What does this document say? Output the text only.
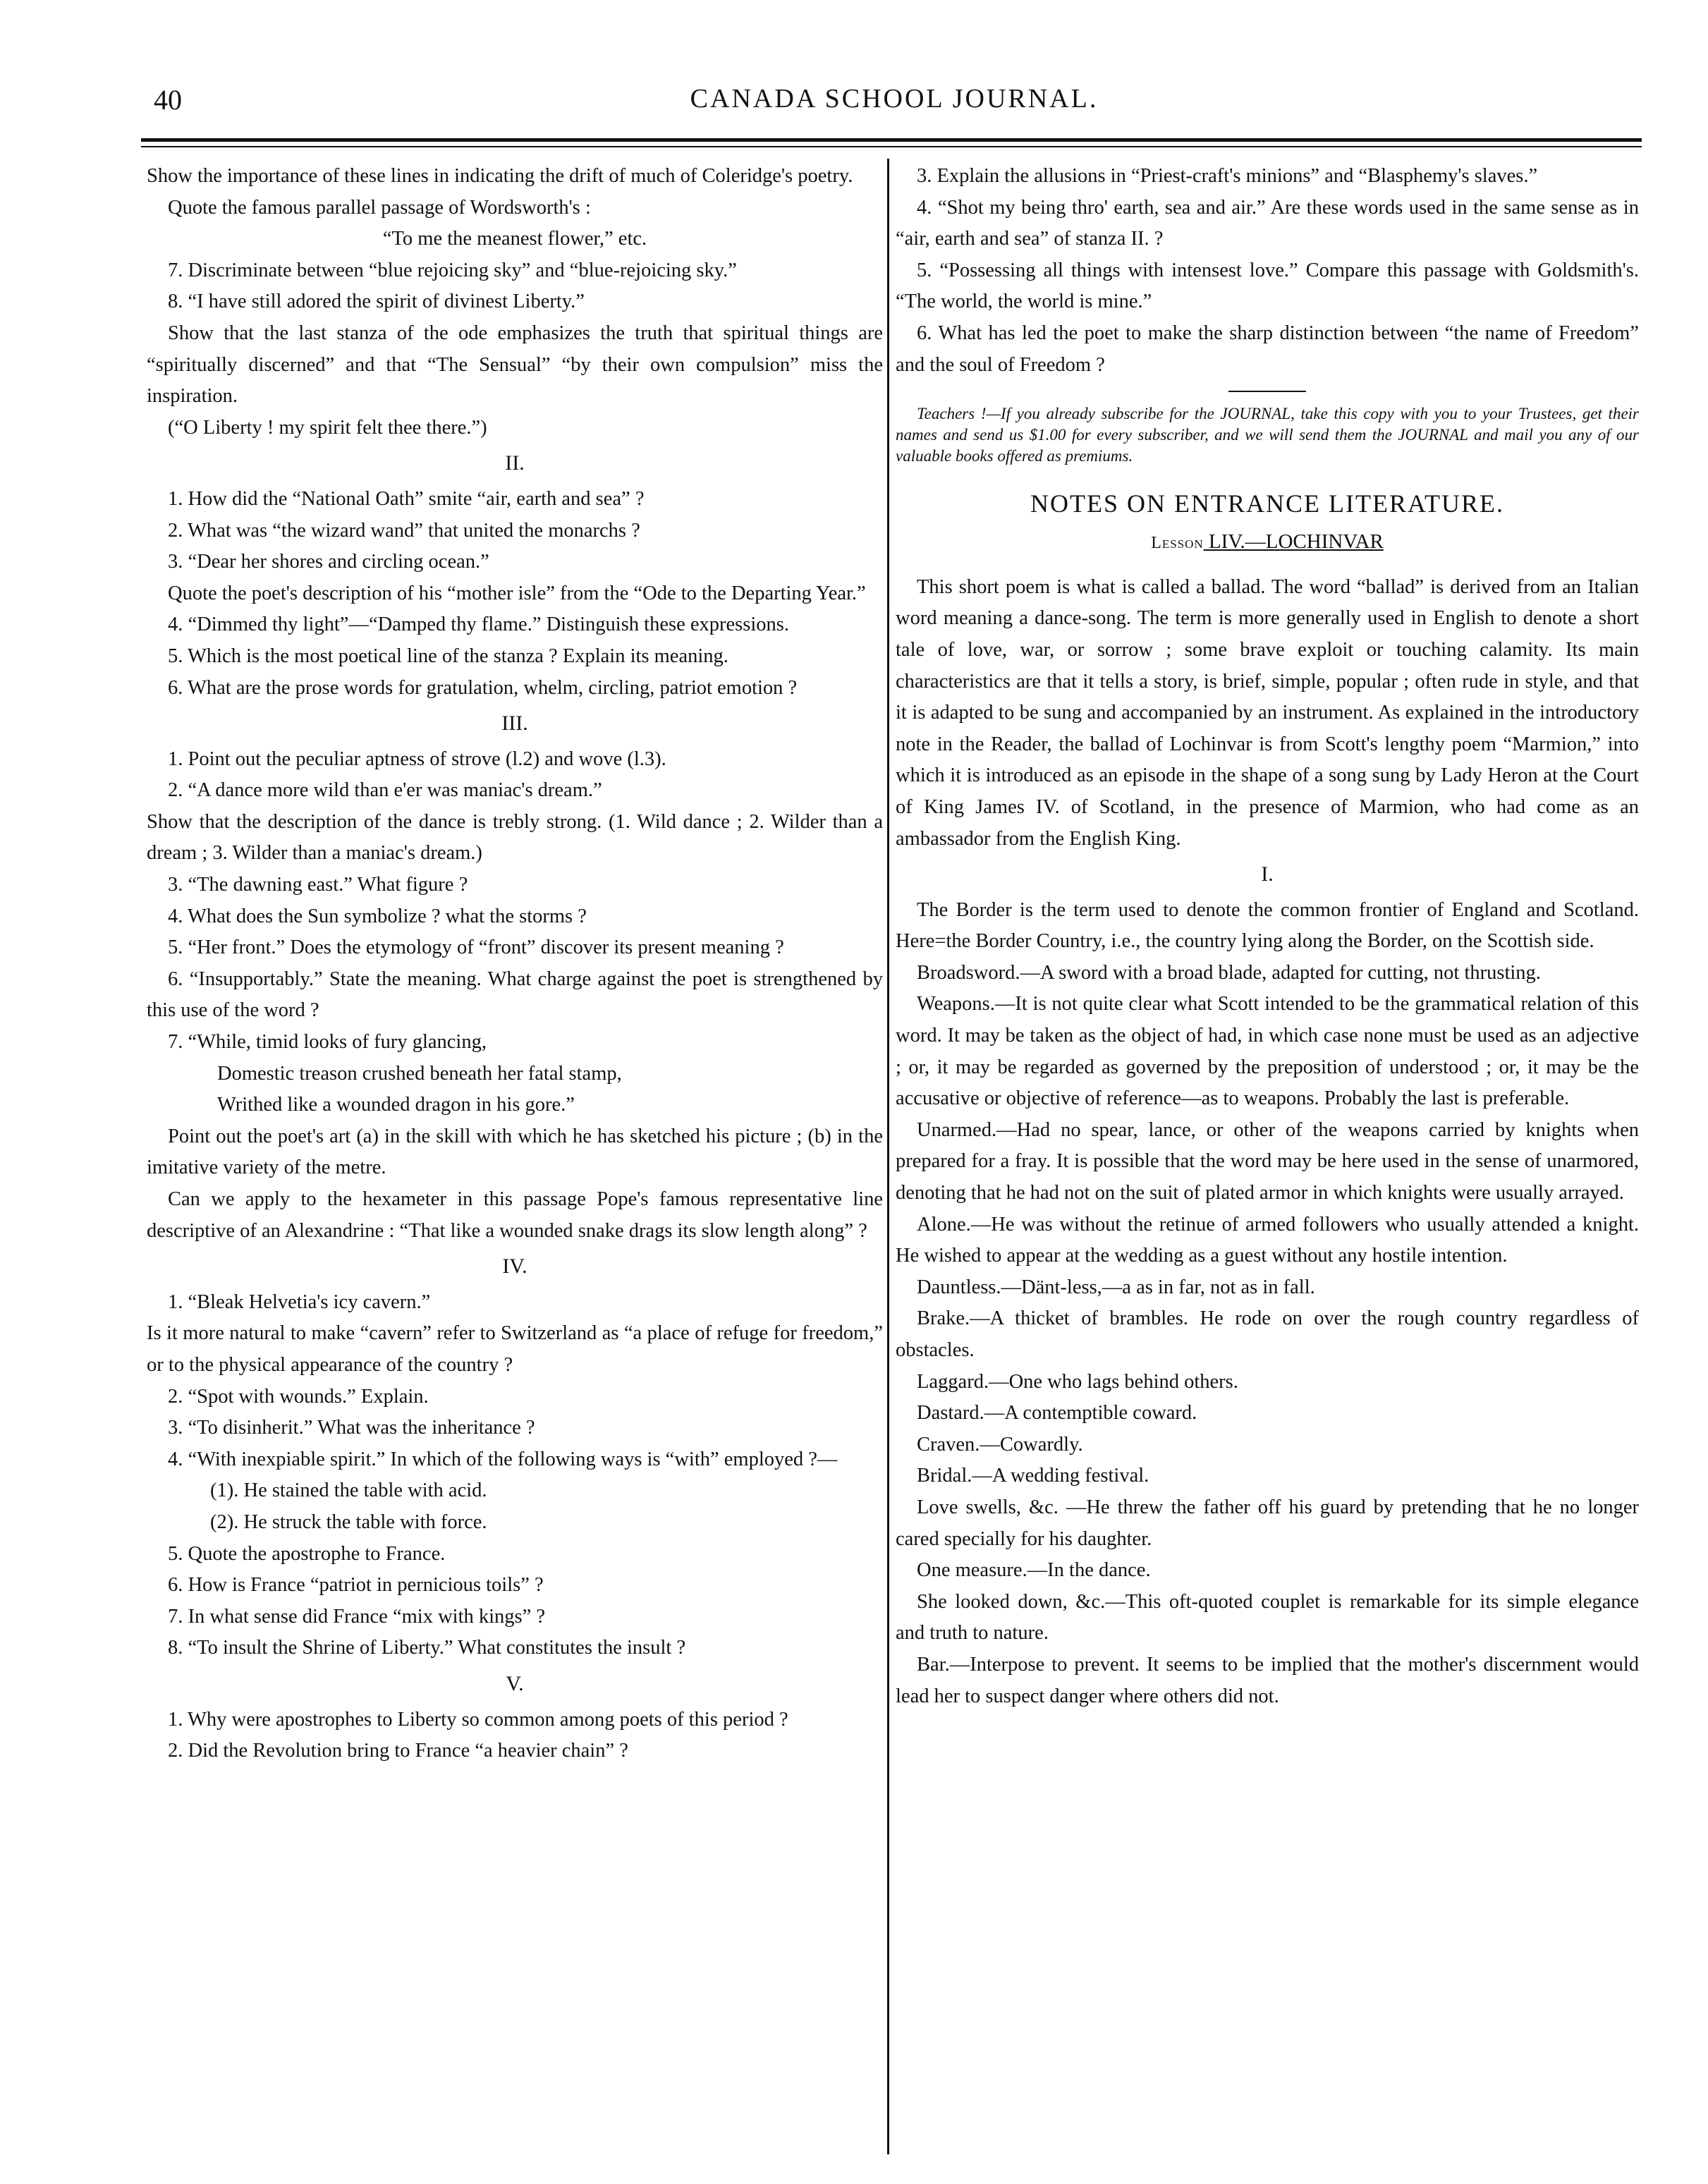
40	CANADA SCHOOL JOURNAL.

Show the importance of these lines in indicating the drift of much of Coleridge's poetry.

Quote the famous parallel passage of Wordsworth's :

“To me the meanest flower,” etc.

7. Discriminate between “blue rejoicing sky” and “blue-rejoicing sky.”

8. “I have still adored the spirit of divinest Liberty.”

Show that the last stanza of the ode emphasizes the truth that spiritual things are “spiritually discerned” and that “The Sensual” “by their own compulsion” miss the inspiration.

(“O Liberty ! my spirit felt thee there.”)

II.

1. How did the “National Oath” smite “air, earth and sea” ?

2. What was “the wizard wand” that united the monarchs ?

3. “Dear her shores and circling ocean.”

Quote the poet's description of his “mother isle” from the “Ode to the Departing Year.”

4. “Dimmed thy light”—“Damped thy flame.” Distinguish these expressions.

5. Which is the most poetical line of the stanza ? Explain its meaning.

6. What are the prose words for gratulation, whelm, circling, patriot emotion ?

III.

1. Point out the peculiar aptness of strove (l.2) and wove (l.3).

2. “A dance more wild than e'er was maniac's dream.”

Show that the description of the dance is trebly strong. (1. Wild dance ; 2. Wilder than a dream ; 3. Wilder than a maniac's dream.)

3. “The dawning east.” What figure ?

4. What does the Sun symbolize ? what the storms ?

5. “Her front.” Does the etymology of “front” discover its present meaning ?

6. “Insupportably.” State the meaning. What charge against the poet is strengthened by this use of the word ?

7. “While, timid looks of fury glancing,

Domestic treason crushed beneath her fatal stamp,

Writhed like a wounded dragon in his gore.”

Point out the poet's art (a) in the skill with which he has sketched his picture ; (b) in the imitative variety of the metre.

Can we apply to the hexameter in this passage Pope's famous representative line descriptive of an Alexandrine : “That like a wounded snake drags its slow length along” ?

IV.

1. “Bleak Helvetia's icy cavern.”

Is it more natural to make “cavern” refer to Switzerland as “a place of refuge for freedom,” or to the physical appearance of the country ?

2. “Spot with wounds.” Explain.

3. “To disinherit.” What was the inheritance ?

4. “With inexpiable spirit.” In which of the following ways is “with” employed ?—

(1). He stained the table with acid.

(2). He struck the table with force.

5. Quote the apostrophe to France.

6. How is France “patriot in pernicious toils” ?

7. In what sense did France “mix with kings” ?

8. “To insult the Shrine of Liberty.” What constitutes the insult ?

V.

1. Why were apostrophes to Liberty so common among poets of this period ?

2. Did the Revolution bring to France “a heavier chain” ?

3. Explain the allusions in “Priest-craft's minions” and “Blasphemy's slaves.”

4. “Shot my being thro' earth, sea and air.” Are these words used in the same sense as in “air, earth and sea” of stanza II. ?

5. “Possessing all things with intensest love.” Compare this passage with Goldsmith's. “The world, the world is mine.”

6. What has led the poet to make the sharp distinction between “the name of Freedom” and the soul of Freedom ?

Teachers !—If you already subscribe for the JOURNAL, take this copy with you to your Trustees, get their names and send us $1.00 for every subscriber, and we will send them the JOURNAL and mail you any of our valuable books offered as premiums.

NOTES ON ENTRANCE LITERATURE.
Lesson LIV.—LOCHINVAR

This short poem is what is called a ballad. The word “ballad” is derived from an Italian word meaning a dance-song. The term is more generally used in English to denote a short tale of love, war, or sorrow ; some brave exploit or touching calamity. Its main characteristics are that it tells a story, is brief, simple, popular ; often rude in style, and that it is adapted to be sung and accompanied by an instrument. As explained in the introductory note in the Reader, the ballad of Lochinvar is from Scott's lengthy poem “Marmion,” into which it is introduced as an episode in the shape of a song sung by Lady Heron at the Court of King James IV. of Scotland, in the presence of Marmion, who had come as an ambassador from the English King.

I.

The Border is the term used to denote the common frontier of England and Scotland. Here=the Border Country, i.e., the country lying along the Border, on the Scottish side.

Broadsword.—A sword with a broad blade, adapted for cutting, not thrusting.

Weapons.—It is not quite clear what Scott intended to be the grammatical relation of this word. It may be taken as the object of had, in which case none must be used as an adjective ; or, it may be regarded as governed by the preposition of understood ; or, it may be the accusative or objective of reference—as to weapons. Probably the last is preferable.

Unarmed.—Had no spear, lance, or other of the weapons carried by knights when prepared for a fray. It is possible that the word may be here used in the sense of unarmored, denoting that he had not on the suit of plated armor in which knights were usually arrayed.

Alone.—He was without the retinue of armed followers who usually attended a knight. He wished to appear at the wedding as a guest without any hostile intention.

Dauntless.—Dänt-less,—a as in far, not as in fall.

Brake.—A thicket of brambles. He rode on over the rough country regardless of obstacles.

Laggard.—One who lags behind others.

Dastard.—A contemptible coward.

Craven.—Cowardly.

Bridal.—A wedding festival.

Love swells, &c. —He threw the father off his guard by pretending that he no longer cared specially for his daughter.

One measure.—In the dance.

She looked down, &c.—This oft-quoted couplet is remarkable for its simple elegance and truth to nature.

Bar.—Interpose to prevent. It seems to be implied that the mother's discernment would lead her to suspect danger where others did not.
